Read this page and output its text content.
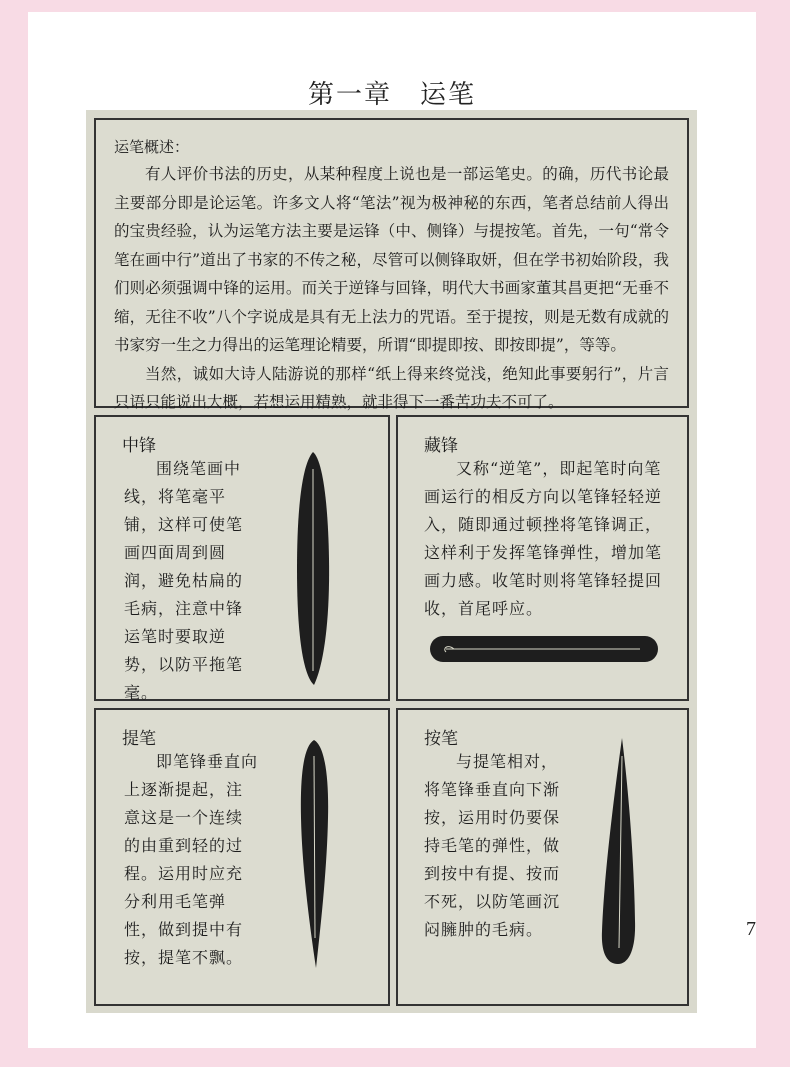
第一章　运笔
7
运笔概述：

有人评价书法的历史，从某种程度上说也是一部运笔史。的确，历代书论最主要部分即是论运笔。许多文人将“笔法”视为极神秘的东西，笔者总结前人得出的宝贵经验，认为运笔方法主要是运锋（中、侧锋）与提按笔。首先，一句“常令笔在画中行”道出了书家的不传之秘，尽管可以侧锋取妍，但在学书初始阶段，我们则必须强调中锋的运用。而关于逆锋与回锋，明代大书画家董其昌更把“无垂不缩，无往不收”八个字说成是具有无上法力的咒语。至于提按，则是无数有成就的书家穷一生之力得出的运笔理论精要，所谓“即提即按、即按即提”，等等。

当然，诚如大诗人陆游说的那样“纸上得来终觉浅，绝知此事要躬行”，片言只语只能说出大概，若想运用精熟，就非得下一番苦功夫不可了。

中锋

围绕笔画中线，将笔毫平铺，这样可使笔画四面周到圆润，避免枯扁的毛病，注意中锋运笔时要取逆势，以防平拖笔毫。

藏锋

又称“逆笔”，即起笔时向笔画运行的相反方向以笔锋轻轻逆入，随即通过顿挫将笔锋调正，这样利于发挥笔锋弹性，增加笔画力感。收笔时则将笔锋轻提回收，首尾呼应。

提笔

即笔锋垂直向上逐渐提起，注意这是一个连续的由重到轻的过程。运用时应充分利用毛笔弹性，做到提中有按，提笔不飘。

按笔

与提笔相对，将笔锋垂直向下渐按，运用时仍要保持毛笔的弹性，做到按中有提、按而不死，以防笔画沉闷臃肿的毛病。
